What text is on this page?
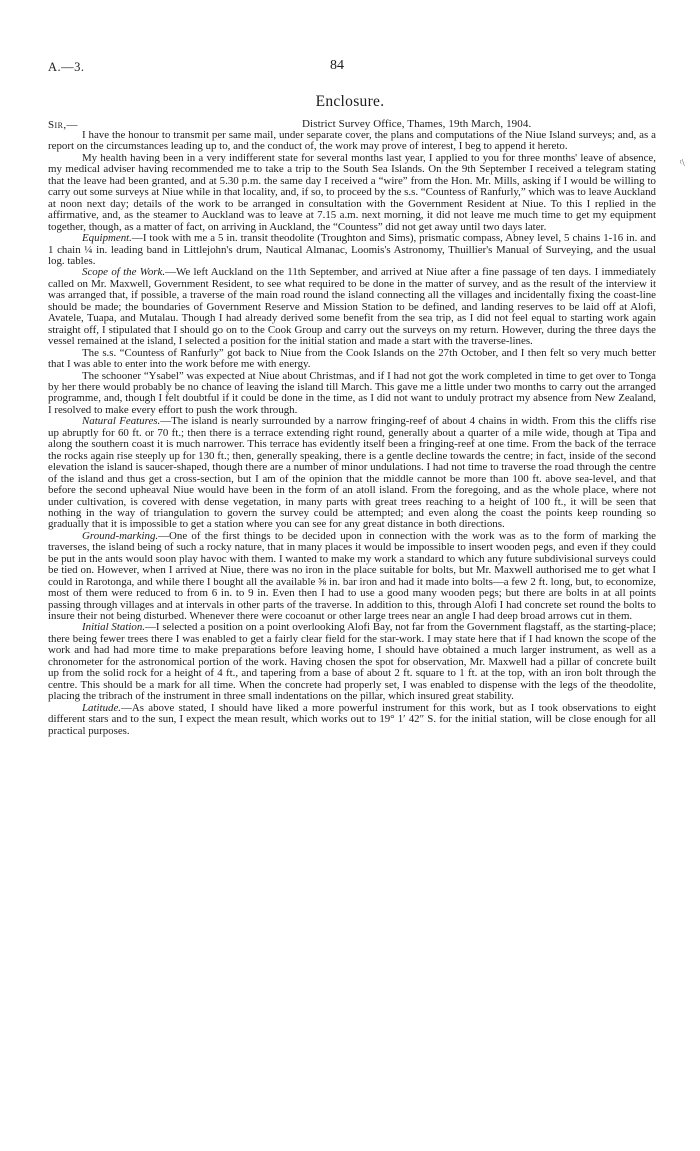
A.—3.	84
Enclosure.
Sir,—	District Survey Office, Thames, 19th March, 1904.
ᵗ\

I have the honour to transmit per same mail, under separate cover, the plans and computations of the Niue Island surveys; and, as a report on the circumstances leading up to, and the conduct of, the work may prove of interest, I beg to append it hereto.

My health having been in a very indifferent state for several months last year, I applied to you for three months' leave of absence, my medical adviser having recommended me to take a trip to the South Sea Islands. On the 9th September I received a telegram stating that the leave had been granted, and at 5.30 p.m. the same day I received a “wire” from the Hon. Mr. Mills, asking if I would be willing to carry out some surveys at Niue while in that locality, and, if so, to proceed by the s.s. “Countess of Ranfurly,” which was to leave Auckland at noon next day; details of the work to be arranged in consultation with the Government Resident at Niue. To this I replied in the affirmative, and, as the steamer to Auckland was to leave at 7.15 a.m. next morning, it did not leave me much time to get my equipment together, though, as a matter of fact, on arriving in Auckland, the “Countess” did not get away until two days later.

Equipment.—I took with me a 5 in. transit theodolite (Troughton and Sims), prismatic compass, Abney level, 5 chains 1-16 in. and 1 chain ¼ in. leading band in Littlejohn's drum, Nautical Almanac, Loomis's Astronomy, Thuillier's Manual of Surveying, and the usual log. tables.

Scope of the Work.—We left Auckland on the 11th September, and arrived at Niue after a fine passage of ten days. I immediately called on Mr. Maxwell, Government Resident, to see what required to be done in the matter of survey, and as the result of the interview it was arranged that, if possible, a traverse of the main road round the island connecting all the villages and incidentally fixing the coast-line should be made; the boundaries of Government Reserve and Mission Station to be defined, and landing reserves to be laid off at Alofi, Avatele, Tuapa, and Mutalau. Though I had already derived some benefit from the sea trip, as I did not feel equal to starting work again straight off, I stipulated that I should go on to the Cook Group and carry out the surveys on my return. However, during the three days the vessel remained at the island, I selected a position for the initial station and made a start with the traverse-lines.

The s.s. “Countess of Ranfurly” got back to Niue from the Cook Islands on the 27th October, and I then felt so very much better that I was able to enter into the work before me with energy.

The schooner “Ysabel” was expected at Niue about Christmas, and if I had not got the work completed in time to get over to Tonga by her there would probably be no chance of leaving the island till March. This gave me a little under two months to carry out the arranged programme, and, though I felt doubtful if it could be done in the time, as I did not want to unduly protract my absence from New Zealand, I resolved to make every effort to push the work through.

Natural Features.—The island is nearly surrounded by a narrow fringing-reef of about 4 chains in width. From this the cliffs rise up abruptly for 60 ft. or 70 ft.; then there is a terrace extending right round, generally about a quarter of a mile wide, though at Tipa and along the southern coast it is much narrower. This terrace has evidently itself been a fringing-reef at one time. From the back of the terrace the rocks again rise steeply up for 130 ft.; then, generally speaking, there is a gentle decline towards the centre; in fact, inside of the second elevation the island is saucer-shaped, though there are a number of minor undulations. I had not time to traverse the road through the centre of the island and thus get a cross-section, but I am of the opinion that the middle cannot be more than 100 ft. above sea-level, and that before the second upheaval Niue would have been in the form of an atoll island. From the foregoing, and as the whole place, where not under cultivation, is covered with dense vegetation, in many parts with great trees reaching to a height of 100 ft., it will be seen that nothing in the way of triangulation to govern the survey could be attempted; and even along the coast the points keep rounding so gradually that it is impossible to get a station where you can see for any great distance in both directions.

Ground-marking.—One of the first things to be decided upon in connection with the work was as to the form of marking the traverses, the island being of such a rocky nature, that in many places it would be impossible to insert wooden pegs, and even if they could be put in the ants would soon play havoc with them. I wanted to make my work a standard to which any future subdivisional surveys could be tied on. However, when I arrived at Niue, there was no iron in the place suitable for bolts, but Mr. Maxwell authorised me to get what I could in Rarotonga, and while there I bought all the available ⅝ in. bar iron and had it made into bolts—a few 2 ft. long, but, to economize, most of them were reduced to from 6 in. to 9 in. Even then I had to use a good many wooden pegs; but there are bolts in at all points passing through villages and at intervals in other parts of the traverse. In addition to this, through Alofi I had concrete set round the bolts to insure their not being disturbed. Whenever there were cocoanut or other large trees near an angle I had deep broad arrows cut in them.

Initial Station.—I selected a position on a point overlooking Alofi Bay, not far from the Government flagstaff, as the starting-place; there being fewer trees there I was enabled to get a fairly clear field for the star-work. I may state here that if I had known the scope of the work and had had more time to make preparations before leaving home, I should have obtained a much larger instrument, as well as a chronometer for the astronomical portion of the work. Having chosen the spot for observation, Mr. Maxwell had a pillar of concrete built up from the solid rock for a height of 4 ft., and tapering from a base of about 2 ft. square to 1 ft. at the top, with an iron bolt through the centre. This should be a mark for all time. When the concrete had properly set, I was enabled to dispense with the legs of the theodolite, placing the tribrach of the instrument in three small indentations on the pillar, which insured great stability.

Latitude.—As above stated, I should have liked a more powerful instrument for this work, but as I took observations to eight different stars and to the sun, I expect the mean result, which works out to 19° 1′ 42″ S. for the initial station, will be close enough for all practical purposes.
